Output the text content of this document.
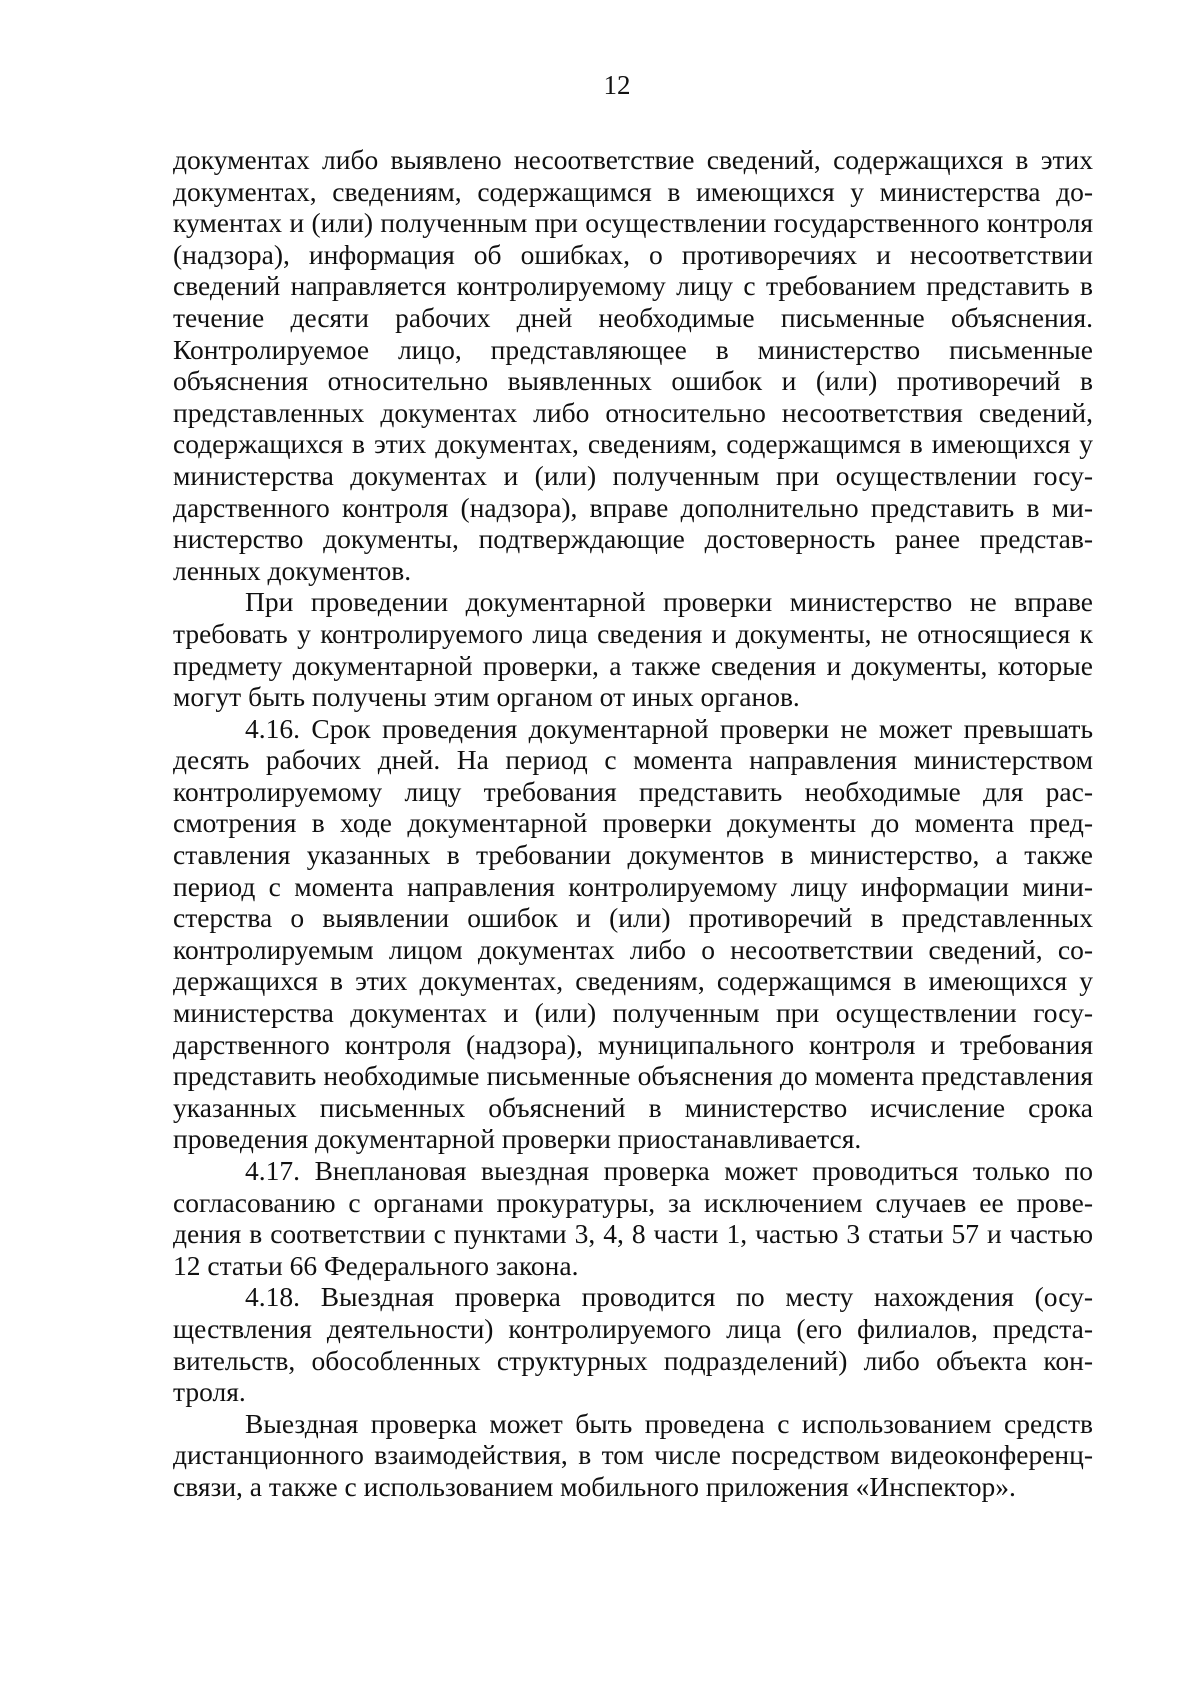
12

документах либо выявлено несоответствие сведений, содержащихся в этих документах, сведениям, содержащимся в имеющихся у министерства документах и (или) полученным при осуществлении государственного контроля (надзора), информация об ошибках, о противоречиях и несоответствии сведений направляется контролируемому лицу с требованием представить в течение десяти рабочих дней необходимые письменные объяснения. Контролируемое лицо, представляющее в министерство письменные объяснения относительно выявленных ошибок и (или) противоречий в представленных документах либо относительно несоответствия сведений, содержащихся в этих документах, сведениям, содержащимся в имеющихся у министерства документах и (или) полученным при осуществлении государственного контроля (надзора), вправе дополнительно представить в министерство документы, подтверждающие достоверность ранее представленных документов.

При проведении документарной проверки министерство не вправе требовать у контролируемого лица сведения и документы, не относящиеся к предмету документарной проверки, а также сведения и документы, которые могут быть получены этим органом от иных органов.

4.16. Срок проведения документарной проверки не может превышать десять рабочих дней. На период с момента направления министерством контролируемому лицу требования представить необходимые для рассмотрения в ходе документарной проверки документы до момента представления указанных в требовании документов в министерство, а также период с момента направления контролируемому лицу информации министерства о выявлении ошибок и (или) противоречий в представленных контролируемым лицом документах либо о несоответствии сведений, содержащихся в этих документах, сведениям, содержащимся в имеющихся у министерства документах и (или) полученным при осуществлении государственного контроля (надзора), муниципального контроля и требования представить необходимые письменные объяснения до момента представления указанных письменных объяснений в министерство исчисление срока проведения документарной проверки приостанавливается.

4.17. Внеплановая выездная проверка может проводиться только по согласованию с органами прокуратуры, за исключением случаев ее проведения в соответствии с пунктами 3, 4, 8 части 1, частью 3 статьи 57 и частью 12 статьи 66 Федерального закона.

4.18. Выездная проверка проводится по месту нахождения (осуществления деятельности) контролируемого лица (его филиалов, представительств, обособленных структурных подразделений) либо объекта контроля.

Выездная проверка может быть проведена с использованием средств дистанционного взаимодействия, в том числе посредством видеоконференц-связи, а также с использованием мобильного приложения «Инспектор».
